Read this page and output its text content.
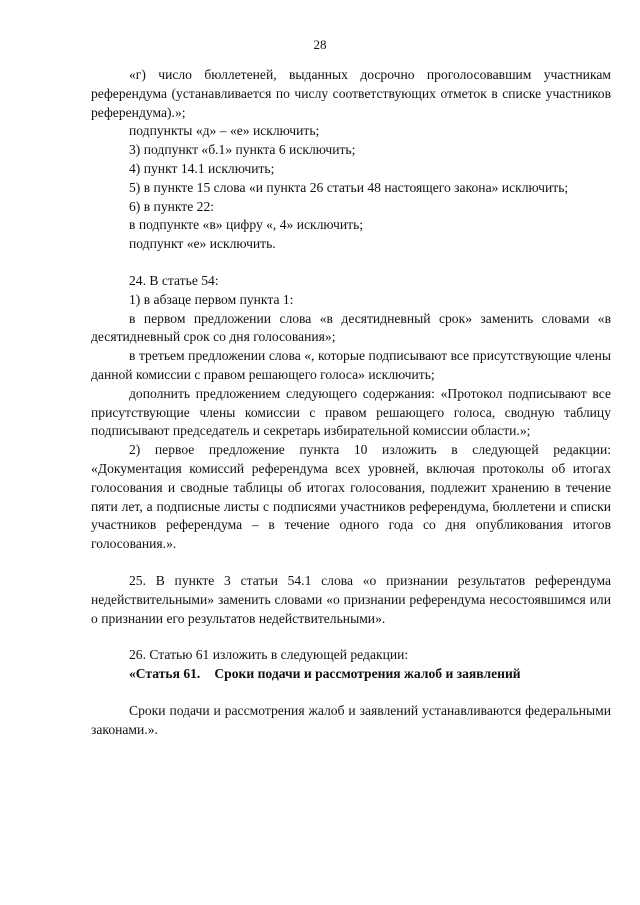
28

«г) число бюллетеней, выданных досрочно проголосовавшим участникам референдума (устанавливается по числу соответствующих отметок в списке участников референдума).»;

подпункты «д» – «е» исключить;

3) подпункт «б.1» пункта 6 исключить;

4) пункт 14.1 исключить;

5) в пункте 15 слова «и пункта 26 статьи 48 настоящего закона» исключить;

6) в пункте 22:

в подпункте «в» цифру «, 4» исключить;

подпункт «е» исключить.

24. В статье 54:

1) в абзаце первом пункта 1:

в первом предложении слова «в десятидневный срок» заменить словами «в десятидневный срок со дня голосования»;

в третьем предложении слова «, которые подписывают все присутствующие члены данной комиссии с правом решающего голоса» исключить;

дополнить предложением следующего содержания: «Протокол подписывают все присутствующие члены комиссии с правом решающего голоса, сводную таблицу подписывают председатель и секретарь избирательной комиссии области.»;

2) первое предложение пункта 10 изложить в следующей редакции: «Документация комиссий референдума всех уровней, включая протоколы об итогах голосования и сводные таблицы об итогах голосования, подлежит хранению в течение пяти лет, а подписные листы с подписями участников референдума, бюллетени и списки участников референдума – в течение одного года со дня опубликования итогов голосования.».

25. В пункте 3 статьи 54.1 слова «о признании результатов референдума недействительными» заменить словами «о признании референдума несостоявшимся или о признании его результатов недействительными».

26. Статью 61 изложить в следующей редакции:

«Статья 61. Сроки подачи и рассмотрения жалоб и заявлений

Сроки подачи и рассмотрения жалоб и заявлений устанавливаются федеральными законами.».
